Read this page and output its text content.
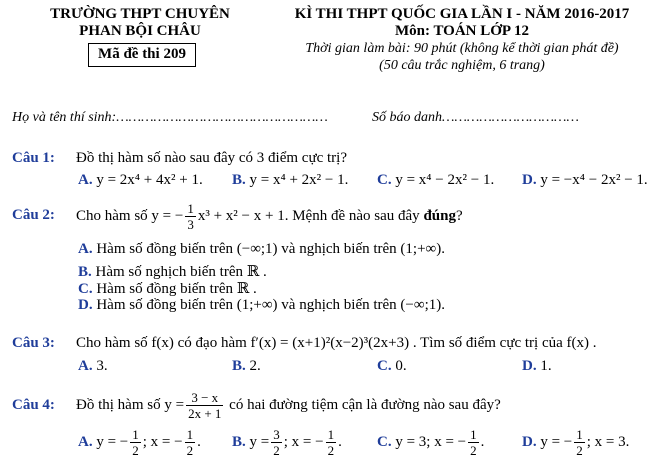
TRƯỜNG THPT CHUYÊN
PHAN BỘI CHÂU
Mã đề thi 209
KÌ THI THPT QUỐC GIA LẦN I - NĂM 2016-2017
Môn: TOÁN LỚP 12
Thời gian làm bài: 90 phút (không kể thời gian phát đề)
(50 câu trắc nghiệm, 6 trang)
Họ và tên thí sinh:……………………………………………	Số báo danh……………………………
Câu 1: Đồ thị hàm số nào sau đây có 3 điểm cực trị?
A. y = 2x⁴ + 4x² + 1. B. y = x⁴ + 2x² − 1. C. y = x⁴ − 2x² − 1. D. y = −x⁴ − 2x² − 1.
Câu 2: Cho hàm số y = − $\frac{1}{3} x^3 + x^2 - x + 1$. Mệnh đề nào sau đây đúng?
A. Hàm số đồng biến trên (−∞;1) và nghịch biến trên (1;+∞).
B. Hàm số nghịch biến trên ℝ .
C. Hàm số đồng biến trên ℝ .
D. Hàm số đồng biến trên (1;+∞) và nghịch biến trên (−∞;1).
Câu 3: Cho hàm số f(x) có đạo hàm f′(x) = (x+1)²(x−2)³(2x+3) . Tìm số điểm cực trị của f(x) .
A. 3.	B. 2.	C. 0.	D. 1.
Câu 4: Đồ thị hàm số $y = \frac{3 - x}{2x + 1}$ có hai đường tiệm cận là đường nào sau đây?
A. y = − $\frac{1}{2}$ ; x = − $\frac{1}{2}$ . B. $y = \frac{3}{2}$ ; x = − $\frac{1}{2}$ . C. y = 3; x = − $\frac{1}{2}$ .	D. y = − $\frac{1}{2}$ ; x = 3.
